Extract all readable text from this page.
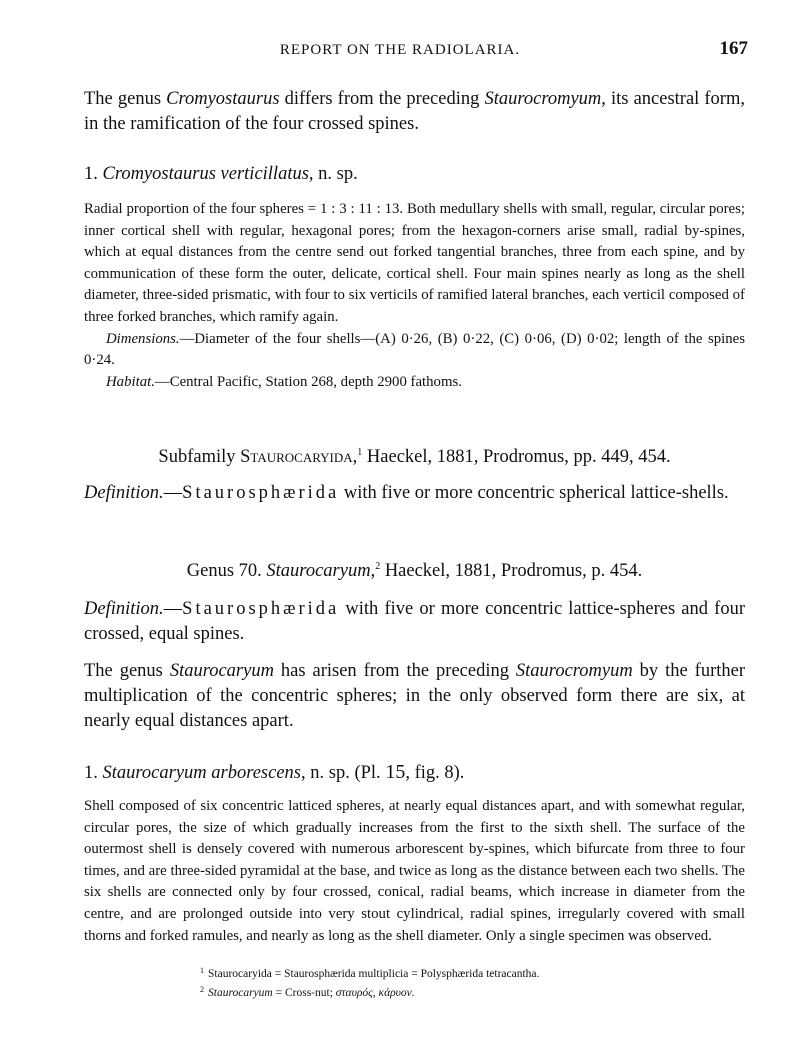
REPORT ON THE RADIOLARIA.	167
The genus Cromyostaurus differs from the preceding Staurocromyum, its ancestral form, in the ramification of the four crossed spines.
1. Cromyostaurus verticillatus, n. sp.
Radial proportion of the four spheres = 1 : 3 : 11 : 13. Both medullary shells with small, regular, circular pores; inner cortical shell with regular, hexagonal pores; from the hexagon-corners arise small, radial by-spines, which at equal distances from the centre send out forked tangential branches, three from each spine, and by communication of these form the outer, delicate, cortical shell. Four main spines nearly as long as the shell diameter, three-sided prismatic, with four to six verticils of ramified lateral branches, each verticil composed of three forked branches, which ramify again.
Dimensions.—Diameter of the four shells—(A) 0·26, (B) 0·22, (C) 0·06, (D) 0·02; length of the spines 0·24.
Habitat.—Central Pacific, Station 268, depth 2900 fathoms.
Subfamily Staurocaryida,$^1$ Haeckel, 1881, Prodromus, pp. 449, 454.
Definition.—Staurosphærida with five or more concentric spherical lattice-shells.
Genus 70. Staurocaryum,$^2$ Haeckel, 1881, Prodromus, p. 454.
Definition.—Staurosphærida with five or more concentric lattice-spheres and four crossed, equal spines.
The genus Staurocaryum has arisen from the preceding Staurocromyum by the further multiplication of the concentric spheres; in the only observed form there are six, at nearly equal distances apart.
1. Staurocaryum arborescens, n. sp. (Pl. 15, fig. 8).
Shell composed of six concentric latticed spheres, at nearly equal distances apart, and with somewhat regular, circular pores, the size of which gradually increases from the first to the sixth shell. The surface of the outermost shell is densely covered with numerous arborescent by-spines, which bifurcate from three to four times, and are three-sided pyramidal at the base, and twice as long as the distance between each two shells. The six shells are connected only by four crossed, conical, radial beams, which increase in diameter from the centre, and are prolonged outside into very stout cylindrical, radial spines, irregularly covered with small thorns and forked ramules, and nearly as long as the shell diameter. Only a single specimen was observed.
$^1$ Staurocaryida = Staurosphærida multiplicia = Polysphærida tetracantha.
$^2$ Staurocaryum = Cross-nut; σταυρός, κάρυον.
